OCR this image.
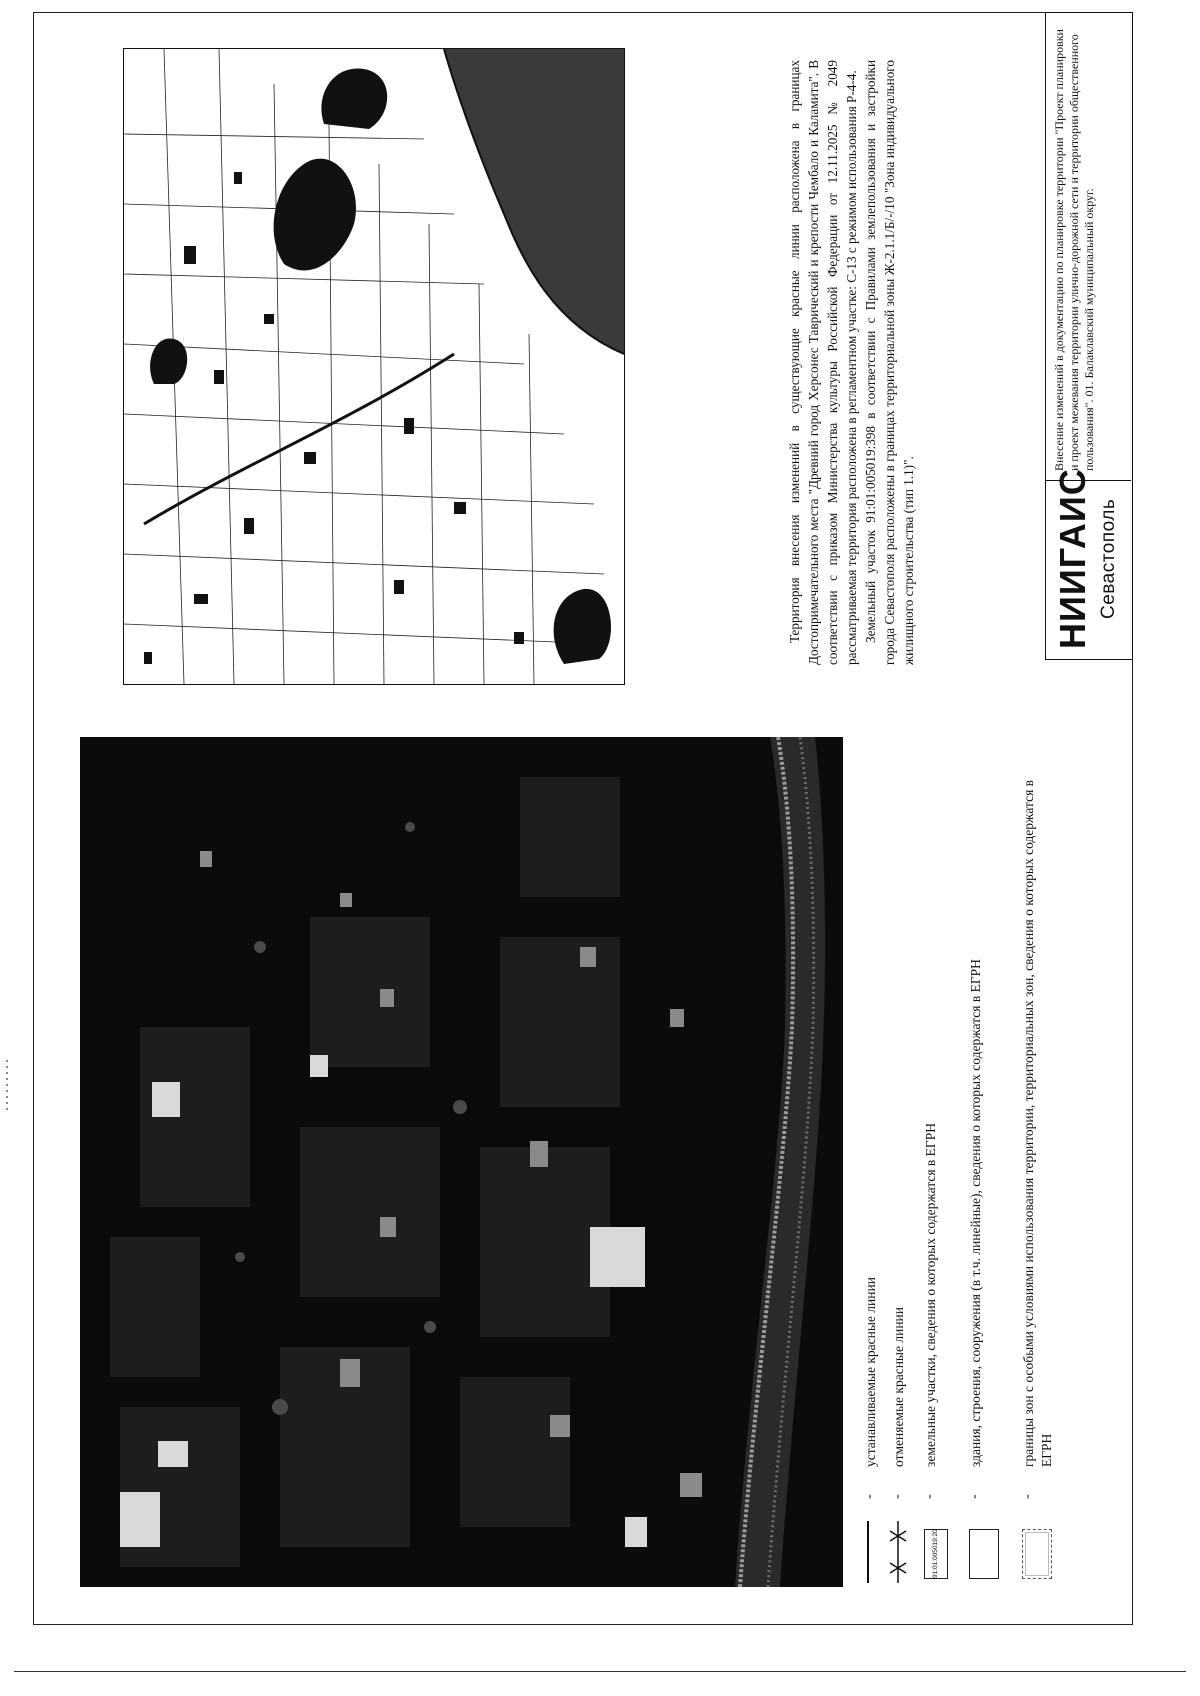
-
устанавливаемые красные линии
-
отменяемые красные линии
91:01:005019:20
-
земельные участки, сведения о которых содержатся в ЕГРН
-
здания, строения, сооружения (в т.ч. линейные), сведения о которых содержатся в ЕГРН
-
границы зон с особыми условиями использования территории, территориальных зон, сведения о которых содержатся в ЕГРН

Территория внесения изменений в существующие красные линии расположена в границах Достопримечательного места "Древний город Херсонес Таврический и крепости Чембало и Каламита". В соответствии с приказом Министерства культуры Российской Федерации от 12.11.2025 № 2049 рассматриваемая территория расположена в регламентном участке: С-13 с режимом использования Р-4-4. Земельный участок 91:01:005019:398 в соответствии с Правилами землепользования и застройки города Севастополя расположены в границах территориальной зоны Ж-2.1.1/Б/-/10 "Зона индивидуального жилищного строительства (тип 1.1)".	НИИГАИС Севастополь
Внесение изменений в документацию по планировке территории "Проект планировки и проект межевания территории улично-дорожной сети и территории общественного пользования". 01. Балаклавский муниципальный округ.
